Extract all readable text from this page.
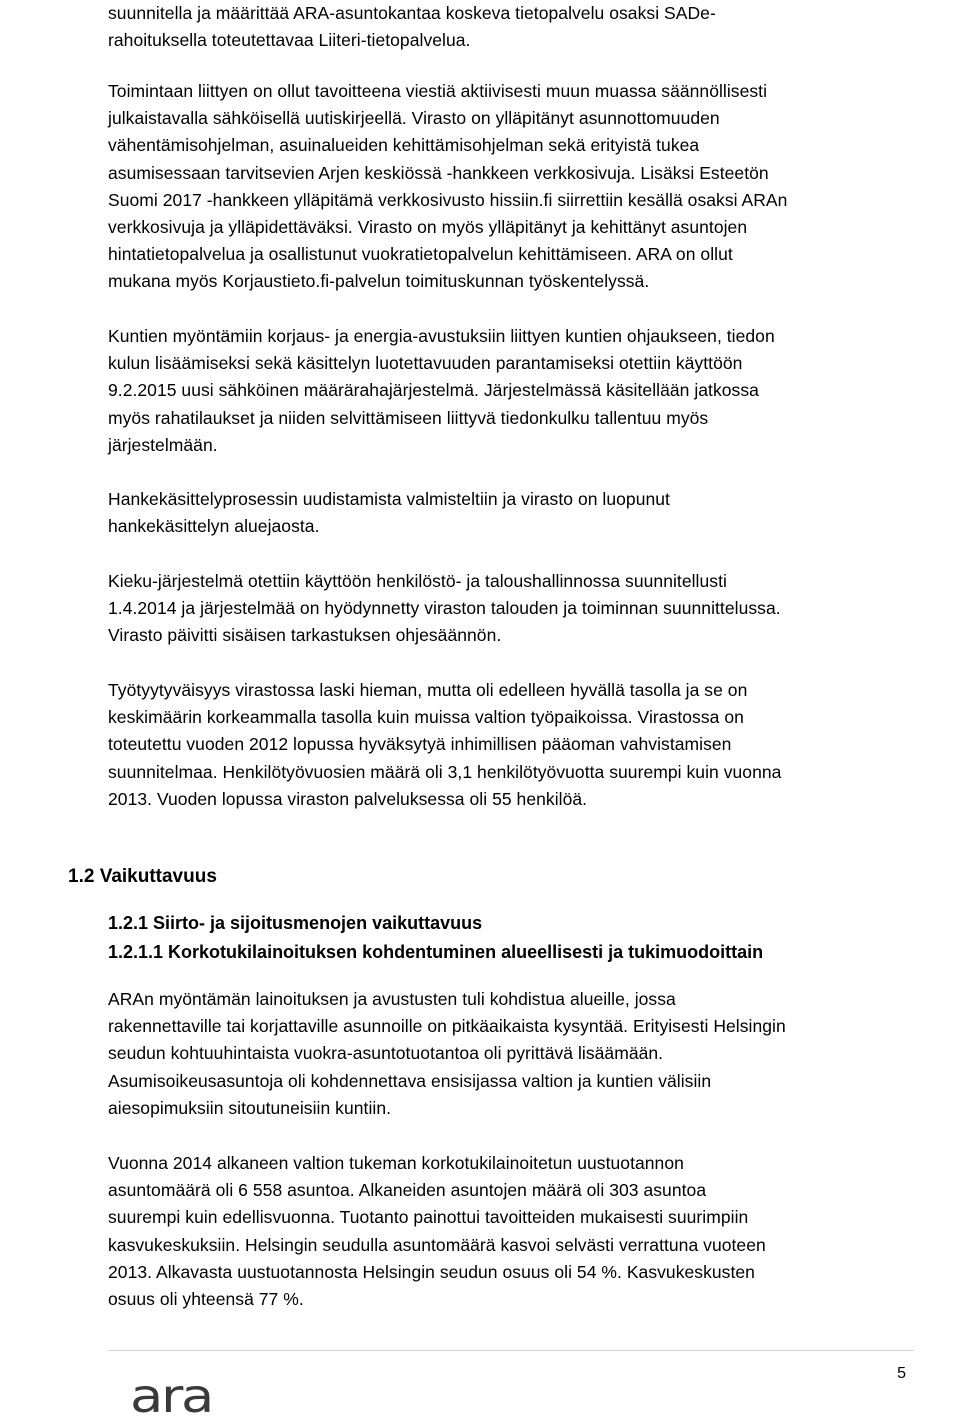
suunnitella ja määrittää ARA-asuntokantaa koskeva tietopalvelu osaksi SADe-
rahoituksella toteutettavaa Liiteri-tietopalvelua.

Toimintaan liittyen on ollut tavoitteena viestiä aktiivisesti muun muassa säännöllisesti
julkaistavalla sähköisellä uutiskirjeellä. Virasto on ylläpitänyt asunnottomuuden
vähentämisohjelman, asuinalueiden kehittämisohjelman sekä erityistä tukea
asumisessaan tarvitsevien Arjen keskiössä -hankkeen verkkosivuja. Lisäksi Esteetön
Suomi 2017 -hankkeen ylläpitämä verkkosivusto hissiin.fi siirrettiin kesällä osaksi ARAn
verkkosivuja ja ylläpidettäväksi. Virasto on myös ylläpitänyt ja kehittänyt asuntojen
hintatietopalvelua ja osallistunut vuokratietopalvelun kehittämiseen. ARA on ollut
mukana myös Korjaustieto.fi-palvelun toimituskunnan työskentelyssä.

Kuntien myöntämiin korjaus- ja energia-avustuksiin liittyen kuntien ohjaukseen, tiedon
kulun lisäämiseksi sekä käsittelyn luotettavuuden parantamiseksi otettiin käyttöön
9.2.2015 uusi sähköinen määrärahajärjestelmä. Järjestelmässä käsitellään jatkossa
myös rahatilaukset ja niiden selvittämiseen liittyvä tiedonkulku tallentuu myös
järjestelmään.

Hankekäsittelyprosessin uudistamista valmisteltiin ja virasto on luopunut
hankekäsittelyn aluejaosta.

Kieku-järjestelmä otettiin käyttöön henkilöstö- ja taloushallinnossa suunnitellusti
1.4.2014 ja järjestelmää on hyödynnetty viraston talouden ja toiminnan suunnittelussa.
Virasto päivitti sisäisen tarkastuksen ohjesäännön.

Työtyytyväisyys virastossa laski hieman, mutta oli edelleen hyvällä tasolla ja se on
keskimäärin korkeammalla tasolla kuin muissa valtion työpaikoissa. Virastossa on
toteutettu vuoden 2012 lopussa hyväksytyä inhimillisen pääoman vahvistamisen
suunnitelmaa. Henkilötyövuosien määrä oli 3,1 henkilötyövuotta suurempi kuin vuonna
2013. Vuoden lopussa viraston palveluksessa oli 55 henkilöä.

1.2 Vaikuttavuus
1.2.1 Siirto- ja sijoitusmenojen vaikuttavuus
1.2.1.1 Korkotukilainoituksen kohdentuminen alueellisesti ja tukimuodoittain

ARAn myöntämän lainoituksen ja avustusten tuli kohdistua alueille, jossa
rakennettaville tai korjattaville asunnoille on pitkäaikaista kysyntää. Erityisesti Helsingin
seudun kohtuuhintaista vuokra-asuntotuotantoa oli pyrittävä lisäämään.
Asumisoikeusasuntoja oli kohdennettava ensisijassa valtion ja kuntien välisiin
aiesopimuksiin sitoutuneisiin kuntiin.

Vuonna 2014 alkaneen valtion tukeman korkotukilainoitetun uustuotannon
asuntomäärä oli 6 558 asuntoa. Alkaneiden asuntojen määrä oli 303 asuntoa
suurempi kuin edellisvuonna. Tuotanto painottui tavoitteiden mukaisesti suurimpiin
kasvukeskuksiin. Helsingin seudulla asuntomäärä kasvoi selvästi verrattuna vuoteen
2013. Alkavasta uustuotannosta Helsingin seudun osuus oli 54 %. Kasvukeskusten
osuus oli yhteensä 77 %.

5
ara
